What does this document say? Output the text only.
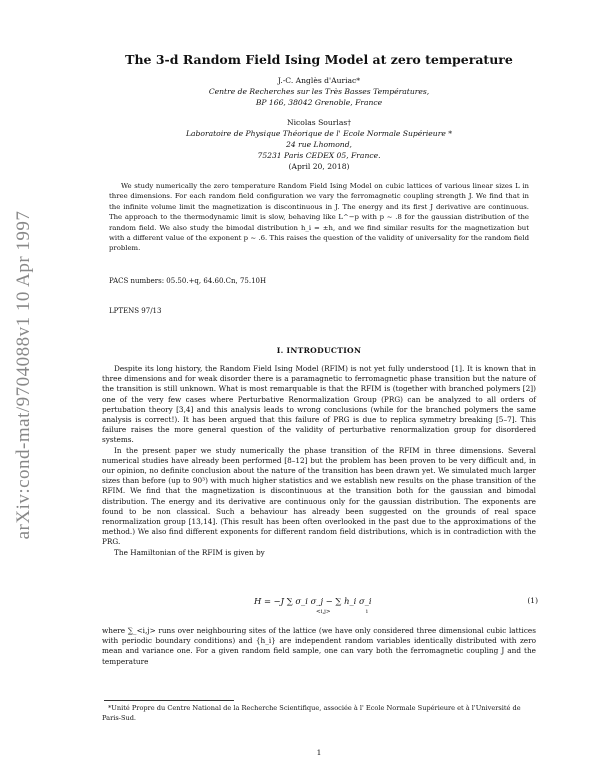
arXiv:cond-mat/9704088v1 10 Apr 1997
The 3-d Random Field Ising Model at zero temperature
J.-C. Anglès d'Auriac*
Centre de Recherches sur les Très Basses Températures,
BP 166, 38042 Grenoble, France
Nicolas Sourlas†
Laboratoire de Physique Théorique de l' Ecole Normale Supérieure *
24 rue Lhomond,
75231 Paris CEDEX 05, France.
(April 20, 2018)

We study numerically the zero temperature Random Field Ising Model on cubic lattices of various linear sizes L in three dimensions. For each random field configuration we vary the ferromagnetic coupling strength J. We find that in the infinite volume limit the magnetization is discontinuous in J. The energy and its first J derivative are continuous. The approach to the thermodynamic limit is slow, behaving like L^−p with p ~ .8 for the gaussian distribution of the random field. We also study the bimodal distribution h_i = ±h, and we find similar results for the magnetization but with a different value of the exponent p ~ .6. This raises the question of the validity of universality for the random field problem.

PACS numbers: 05.50.+q, 64.60.Cn, 75.10H
LPTENS 97/13
I. INTRODUCTION

Despite its long history, the Random Field Ising Model (RFIM) is not yet fully understood [1]. It is known that in three dimensions and for weak disorder there is a paramagnetic to ferromagnetic phase transition but the nature of the transition is still unknown. What is most remarquable is that the RFIM is (together with branched polymers [2]) one of the very few cases where Perturbative Renormalization Group (PRG) can be analyzed to all orders of pertubation theory [3,4] and this analysis leads to wrong conclusions (while for the branched polymers the same analysis is correct!). It has been argued that this failure of PRG is due to replica symmetry breaking [5–7]. This failure raises the more general question of the validity of perturbative renormalization group for disordered systems.

In the present paper we study numerically the phase transition of the RFIM in three dimensions. Several numerical studies have already been performed [8–12] but the problem has been proven to be very difficult and, in our opinion, no definite conclusion about the nature of the transition has been drawn yet. We simulated much larger sizes than before (up to 90³) with much higher statistics and we establish new results on the phase transition of the RFIM. We find that the magnetization is discontinuous at the transition both for the gaussian and bimodal distribution. The energy and its derivative are continuous only for the gaussian distribution. The exponents are found to be non classical. Such a behaviour has already been suggested on the grounds of real space renormalization group [13,14]. (This result has been often overlooked in the past due to the approximations of the method.) We also find different exponents for different random field distributions, which is in contradiction with the PRG.

The Hamiltonian of the RFIM is given by

H = −J ∑ σ_i σ_j − ∑ h_i σ_i
<i,j>	i
(1)

where ∑_<i,j> runs over neighbouring sites of the lattice (we have only considered three dimensional cubic lattices with periodic boundary conditions) and {h_i} are independent random variables identically distributed with zero mean and variance one. For a given random field sample, one can vary both the ferromagnetic coupling J and the temperature

*Unité Propre du Centre National de la Recherche Scientifique, associée à l' Ecole Normale Supérieure et à l'Université de Paris-Sud.

1
